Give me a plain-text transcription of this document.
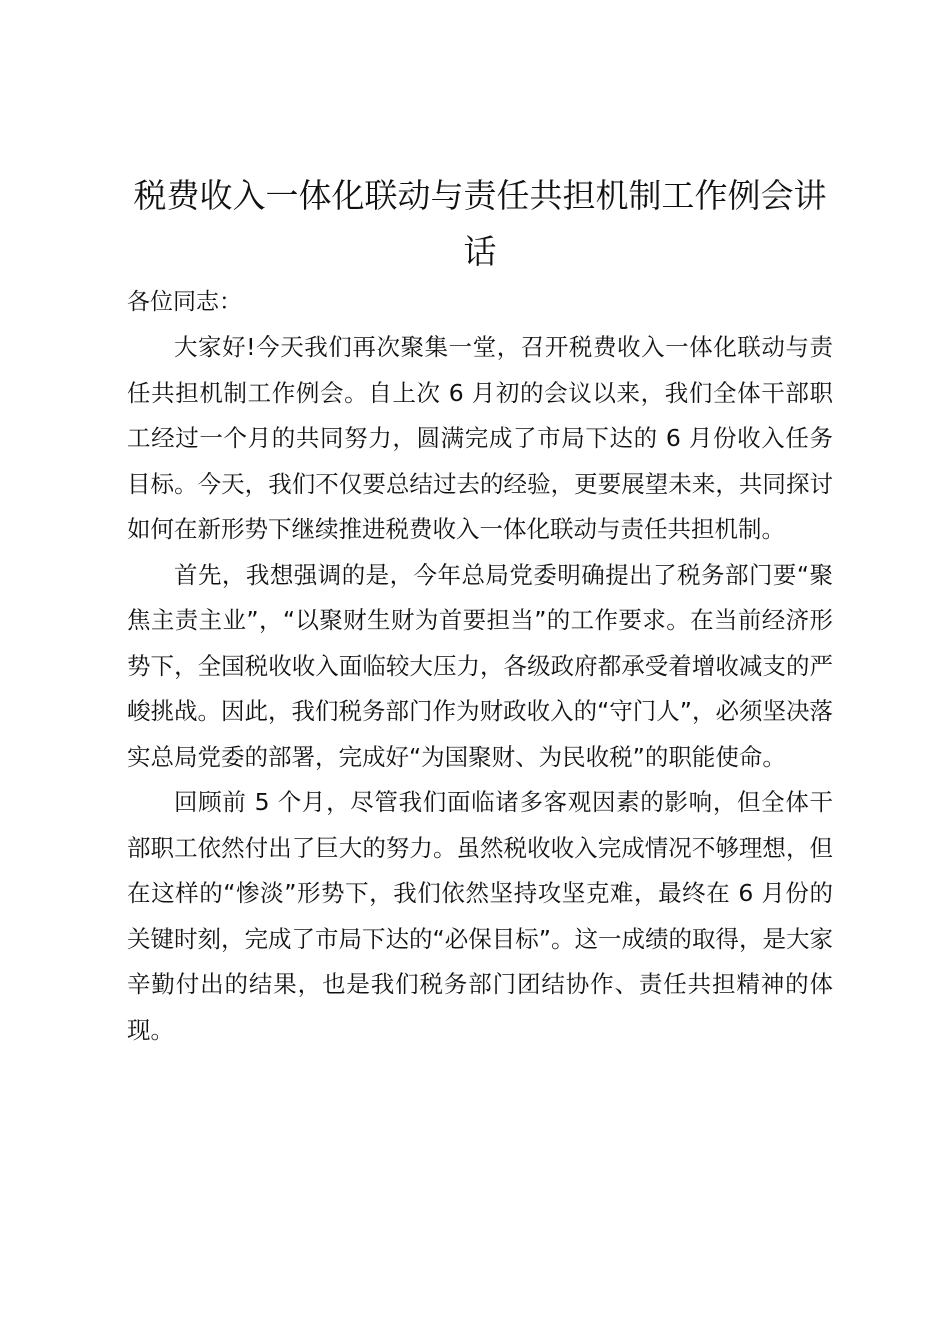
税费收入一体化联动与责任共担机制工作例会讲话

各位同志：

大家好!今天我们再次聚集一堂，召开税费收入一体化联动与责任共担机制工作例会。自上次 6 月初的会议以来，我们全体干部职工经过一个月的共同努力，圆满完成了市局下达的 6 月份收入任务目标。今天，我们不仅要总结过去的经验，更要展望未来，共同探讨如何在新形势下继续推进税费收入一体化联动与责任共担机制。

首先，我想强调的是，今年总局党委明确提出了税务部门要“聚焦主责主业”，“以聚财生财为首要担当”的工作要求。在当前经济形势下，全国税收收入面临较大压力，各级政府都承受着增收减支的严峻挑战。因此，我们税务部门作为财政收入的“守门人”，必须坚决落实总局党委的部署，完成好“为国聚财、为民收税”的职能使命。

回顾前 5 个月，尽管我们面临诸多客观因素的影响，但全体干部职工依然付出了巨大的努力。虽然税收收入完成情况不够理想，但在这样的“惨淡”形势下，我们依然坚持攻坚克难，最终在 6 月份的关键时刻，完成了市局下达的“必保目标”。这一成绩的取得，是大家辛勤付出的结果，也是我们税务部门团结协作、责任共担精神的体现。
